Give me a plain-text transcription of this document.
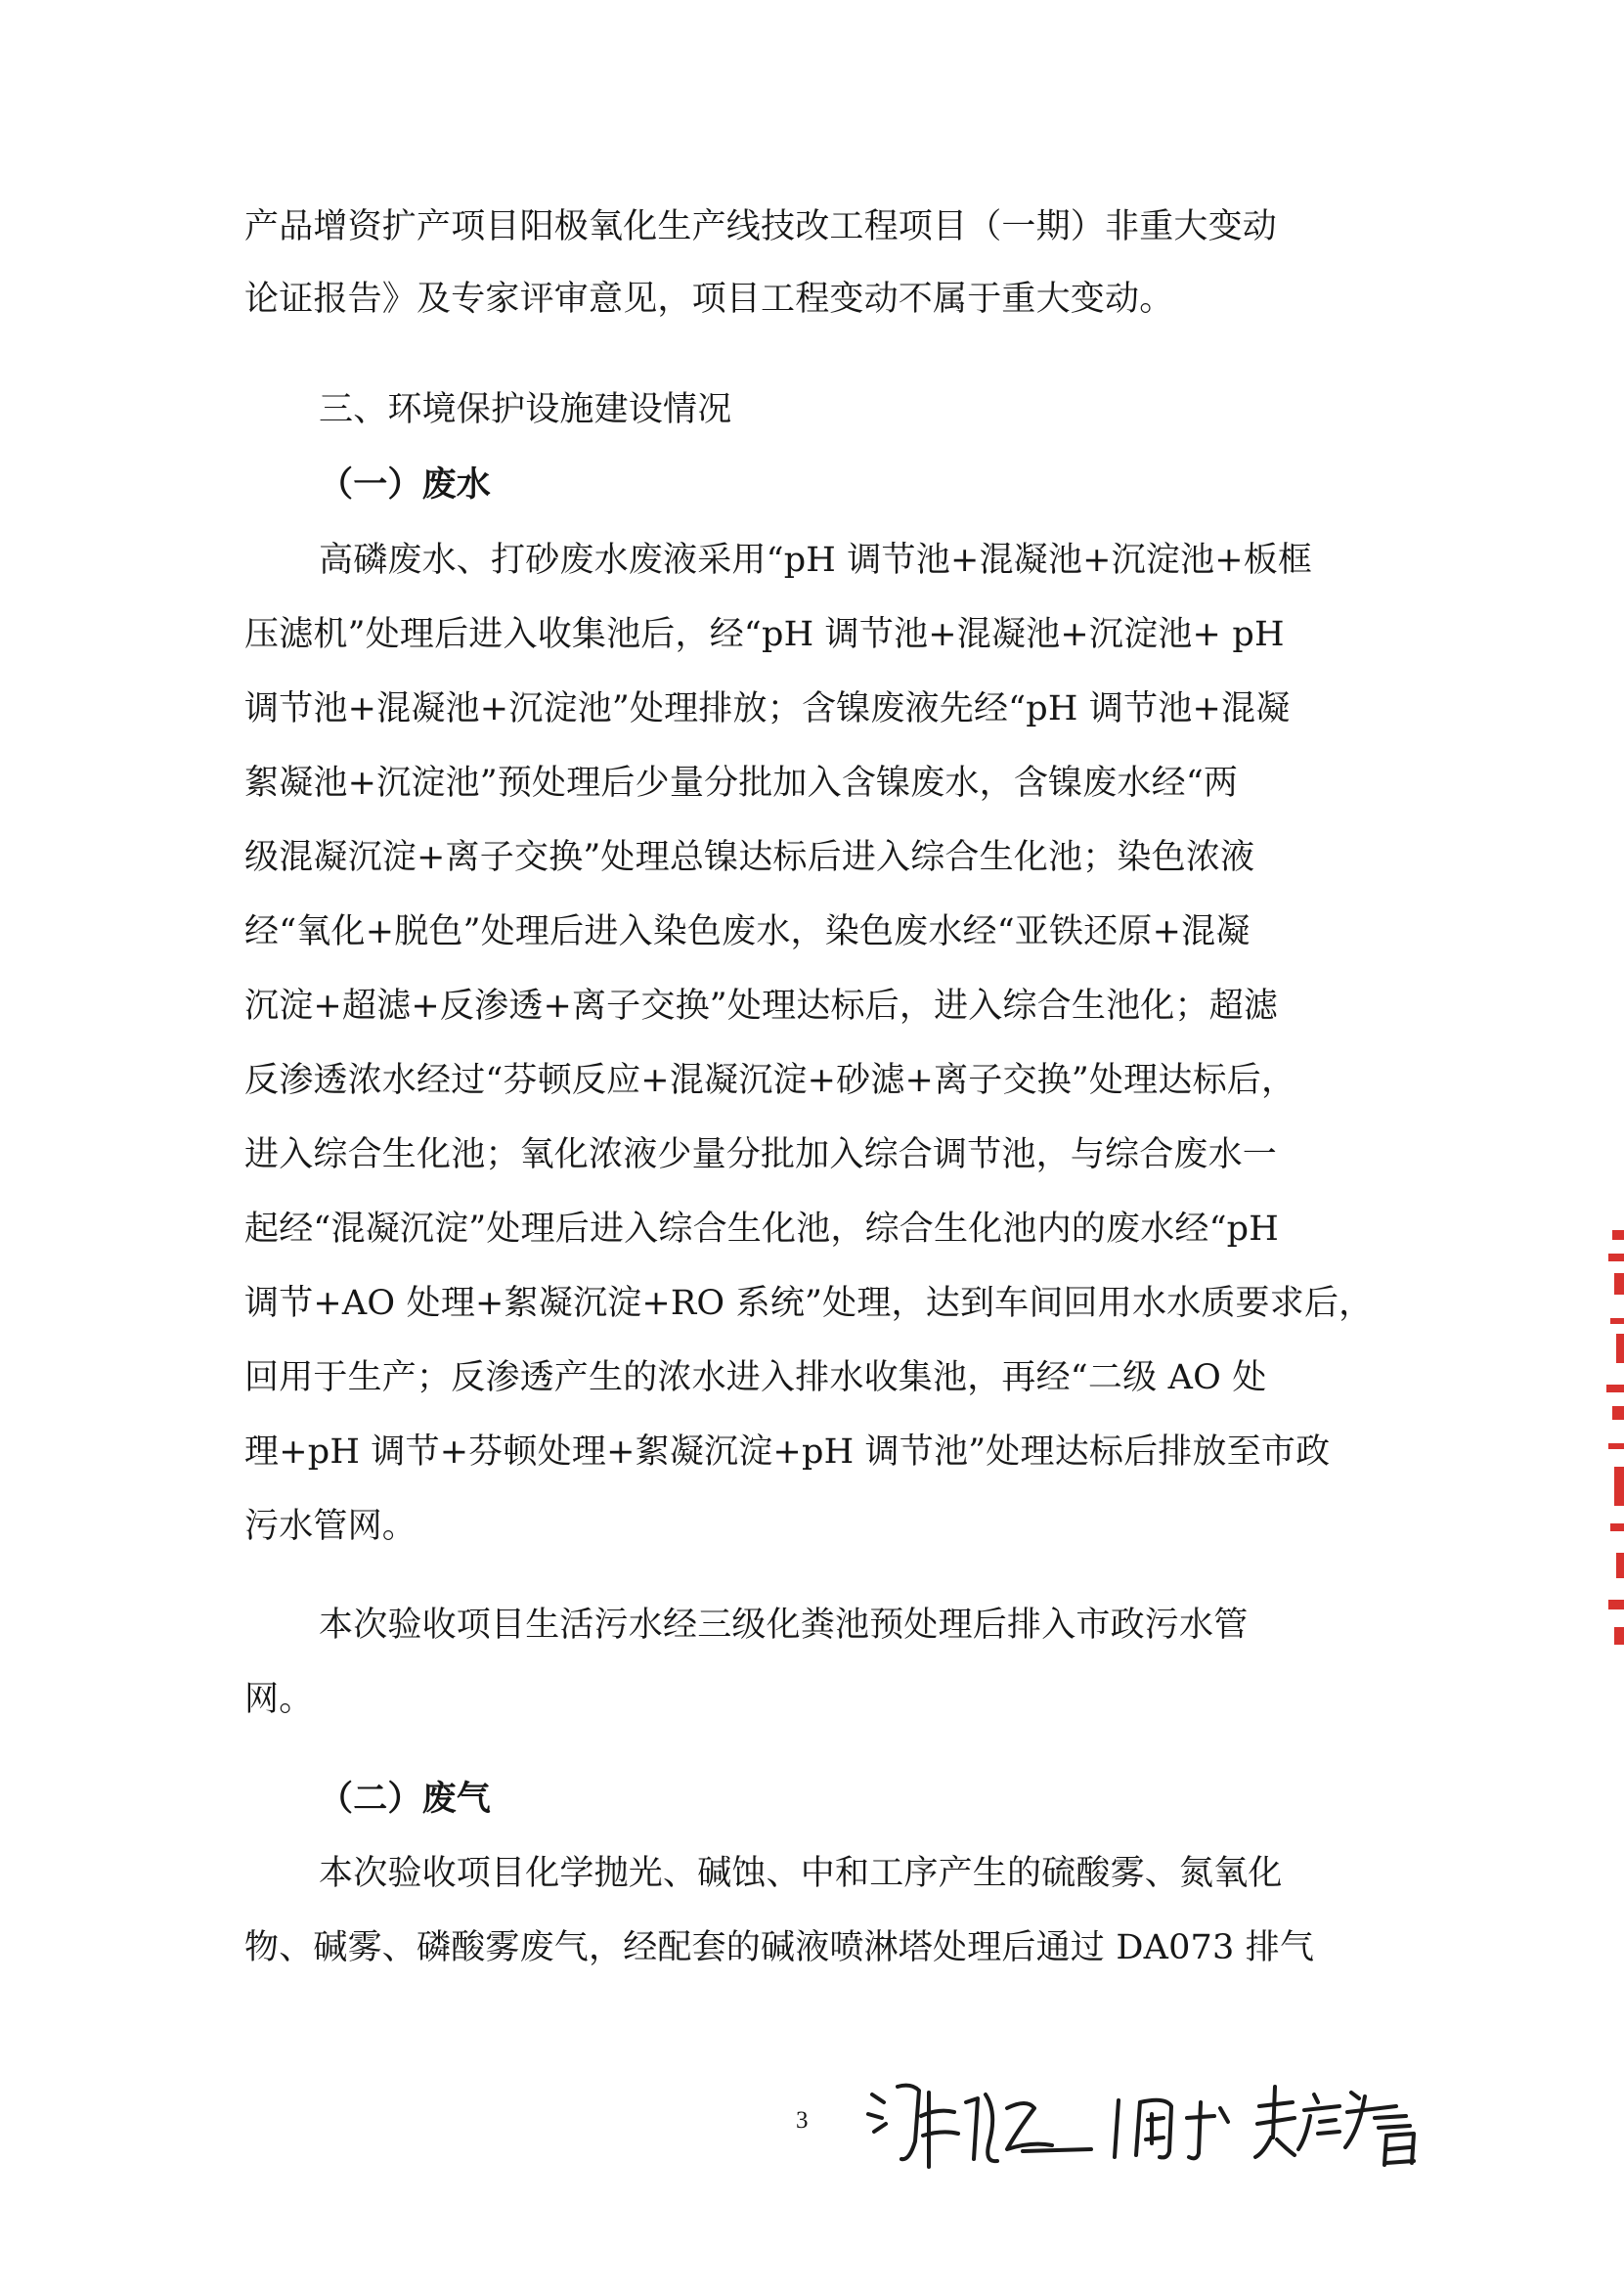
产品增资扩产项目阳极氧化生产线技改工程项目（一期）非重大变动
论证报告》及专家评审意见，项目工程变动不属于重大变动。
三、环境保护设施建设情况
（一）废水
高磷废水、打砂废水废液采用“pH 调节池+混凝池+沉淀池+板框
压滤机”处理后进入收集池后，经“pH 调节池+混凝池+沉淀池+ pH
调节池+混凝池+沉淀池”处理排放；含镍废液先经“pH 调节池+混凝
絮凝池+沉淀池”预处理后少量分批加入含镍废水，含镍废水经“两
级混凝沉淀+离子交换”处理总镍达标后进入综合生化池；染色浓液
经“氧化+脱色”处理后进入染色废水，染色废水经“亚铁还原+混凝
沉淀+超滤+反渗透+离子交换”处理达标后，进入综合生池化；超滤
反渗透浓水经过“芬顿反应+混凝沉淀+砂滤+离子交换”处理达标后，
进入综合生化池；氧化浓液少量分批加入综合调节池，与综合废水一
起经“混凝沉淀”处理后进入综合生化池，综合生化池内的废水经“pH
调节+AO 处理+絮凝沉淀+RO 系统”处理，达到车间回用水水质要求后，
回用于生产；反渗透产生的浓水进入排水收集池，再经“二级 AO 处
理+pH 调节+芬顿处理+絮凝沉淀+pH 调节池”处理达标后排放至市政
污水管网。
本次验收项目生活污水经三级化粪池预处理后排入市政污水管
网。
（二）废气
本次验收项目化学抛光、碱蚀、中和工序产生的硫酸雾、氮氧化
物、碱雾、磷酸雾废气，经配套的碱液喷淋塔处理后通过 DA073 排气
3
